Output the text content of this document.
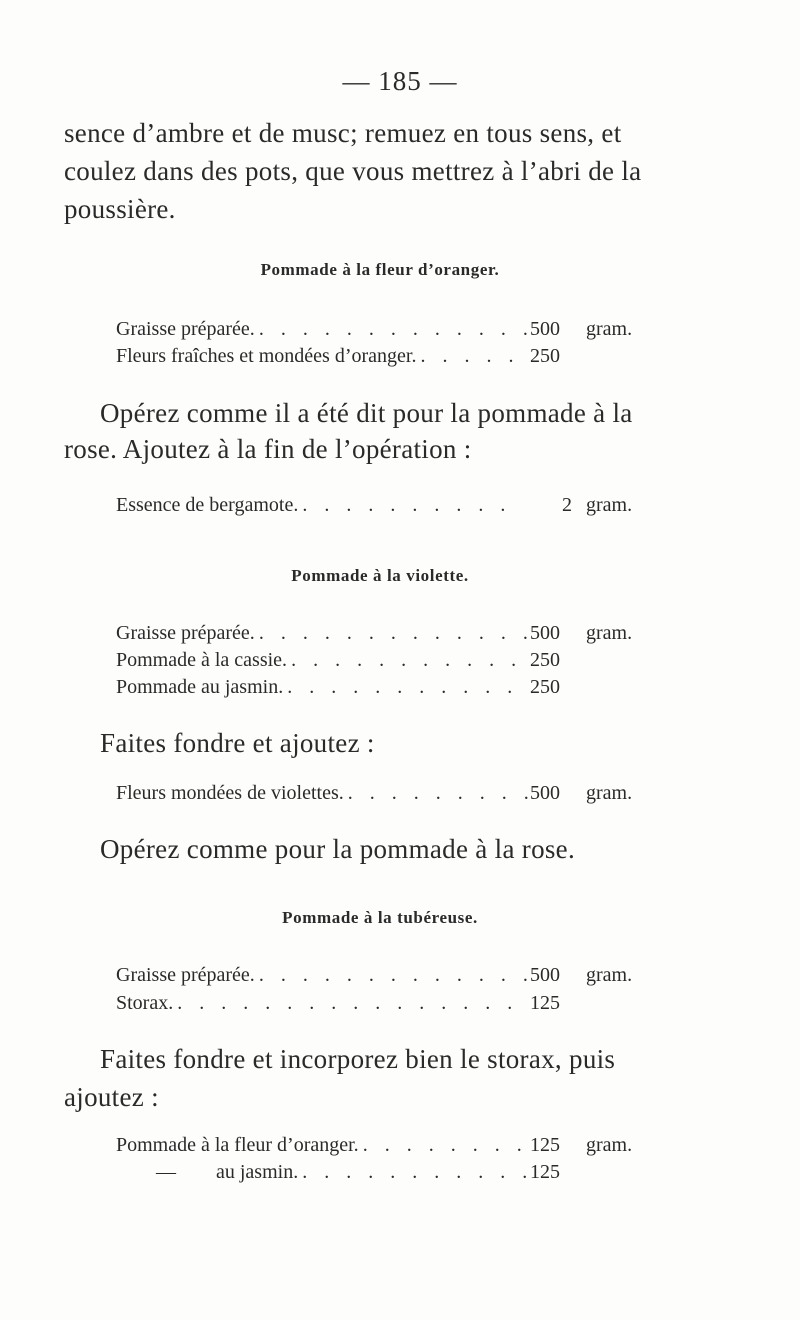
— 185 —
sence d’ambre et de musc; remuez en tous sens, et
coulez dans des pots, que vous mettrez à l’abri de la
poussière.
Pommade à la fleur d’oranger.
Graisse préparée. . . .	500	gram.
Fleurs fraîches et mondées d’oranger. . . .	250
Opérez comme il a été dit pour la pommade à la
rose. Ajoutez à la fin de l’opération :
Essence de bergamote. . . .	2 gram.
Pommade à la violette.
Graisse préparée. . . .	500	gram.
Pommade à la cassie. . . .	250
Pommade au jasmin. . . .	250
Faites fondre et ajoutez :
Fleurs mondées de violettes. . . .	500	gram.
Opérez comme pour la pommade à la rose.
Pommade à la tubéreuse.
Graisse préparée. . . .	500	gram.
Storax. . . .	125
Faites fondre et incorporez bien le storax, puis
ajoutez :
Pommade à la fleur d’oranger. . . .	125	gram.
— au jasmin. . . .	125
